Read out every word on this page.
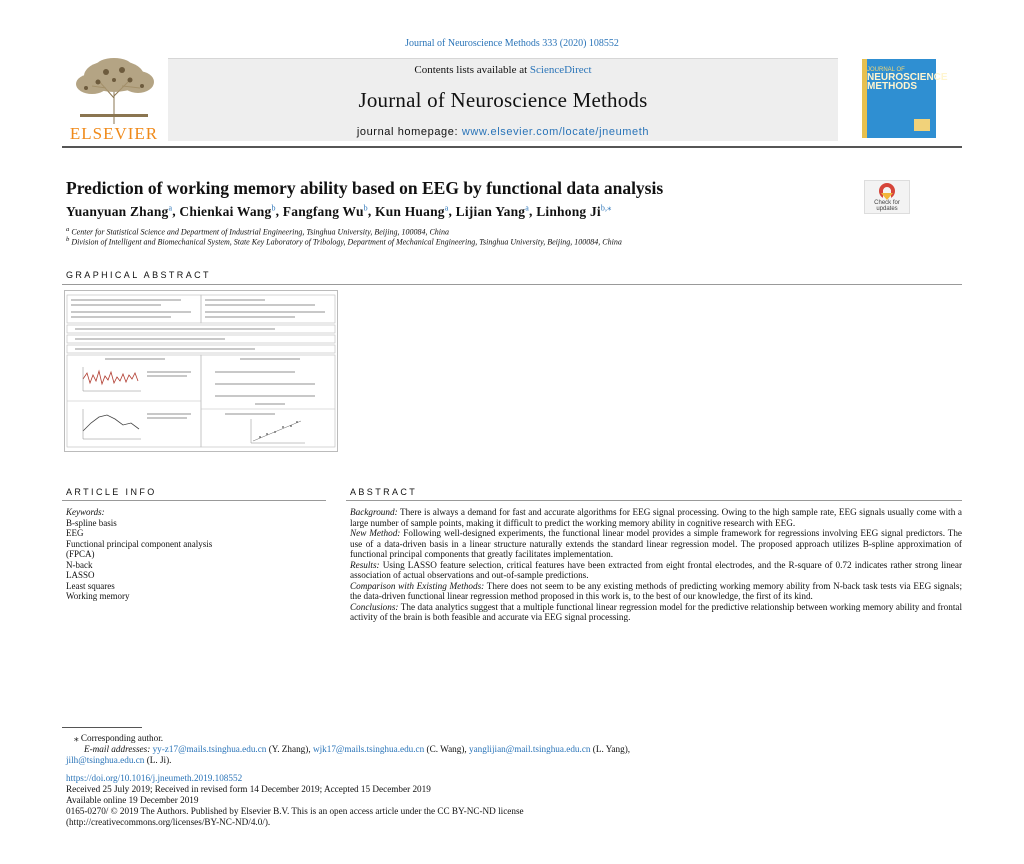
Journal of Neuroscience Methods 333 (2020) 108552
ELSEVIER
Contents lists available at ScienceDirect
Journal of Neuroscience Methods
journal homepage: www.elsevier.com/locate/jneumeth
JOURNAL OF
NEUROSCIENCE METHODS
Prediction of working memory ability based on EEG by functional data analysis
Check for updates
Yuanyuan Zhang$^a$, Chienkai Wang$^b$, Fangfang Wu$^b$, Kun Huang$^a$, Lijian Yang$^a$, Linhong $Ji^{b,⁎}$
$^a$ Center for Statistical Science and Department of Industrial Engineering, Tsinghua University, Beijing, 100084, China
$^b$ Division of Intelligent and Biomechanical System, State Key Laboratory of Tribology, Department of Mechanical Engineering, Tsinghua University, Beijing, 100084, China
GRAPHICAL ABSTRACT
ARTICLE INFO	ABSTRACT
Keywords:
B-spline basis
EEG
Functional principal component analysis
(FPCA)
N-back
LASSO
Least squares
Working memory

Background: There is always a demand for fast and accurate algorithms for EEG signal processing. Owing to the high sample rate, EEG signals usually come with a large number of sample points, making it difficult to predict the working memory ability in cognitive research with EEG.

New Method: Following well-designed experiments, the functional linear model provides a simple framework for regressions involving EEG signal predictors. The use of a data-driven basis in a linear structure naturally extends the standard linear regression model. The proposed approach utilizes B-spline approximation of functional principal components that greatly facilitates implementation.

Results: Using LASSO feature selection, critical features have been extracted from eight frontal electrodes, and the R-square of 0.72 indicates rather strong linear association of actual observations and out-of-sample predictions.

Comparison with Existing Methods: There does not seem to be any existing methods of predicting working memory ability from N-back task tests via EEG signals; the data-driven functional linear regression method proposed in this work is, to the best of our knowledge, the first of its kind.

Conclusions: The data analytics suggest that a multiple functional linear regression model for the predictive relationship between working memory ability and frontal activity of the brain is both feasible and accurate via EEG signal processing.

⁎ Corresponding author.
E-mail addresses: yy-z17@mails.tsinghua.edu.cn (Y. Zhang), wjk17@mails.tsinghua.edu.cn (C. Wang), yanglijian@mail.tsinghua.edu.cn (L. Yang),
jilh@tsinghua.edu.cn (L. Ji).
https://doi.org/10.1016/j.jneumeth.2019.108552
Received 25 July 2019; Received in revised form 14 December 2019; Accepted 15 December 2019
Available online 19 December 2019
0165-0270/ © 2019 The Authors. Published by Elsevier B.V. This is an open access article under the CC BY-NC-ND license
(http://creativecommons.org/licenses/BY-NC-ND/4.0/).
